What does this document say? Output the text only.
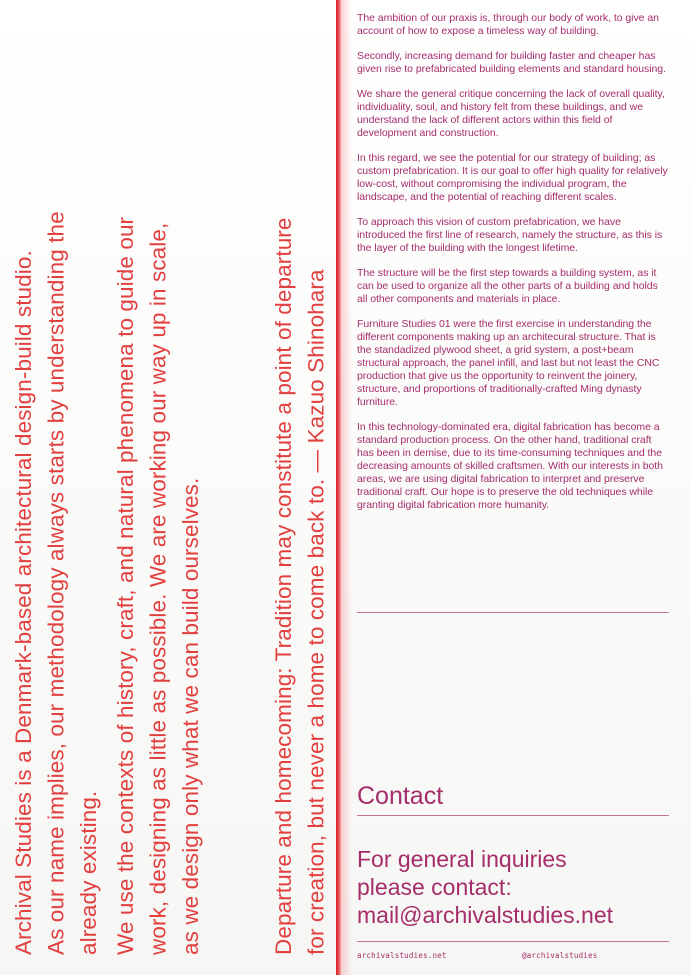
Archival Studies is a Denmark-based architectural design-build studio. As our name implies, our methodology always starts by understanding the already existing. We use the contexts of history, craft, and natural phenomena to guide our work, designing as little as possible. We are working our way up in scale, as we design only what we can build ourselves.	Departure and homecoming: Tradition may constitute a point of departure for creation, but never a home to come back to. — Kazuo Shinohara

The ambition of our praxis is, through our body of work, to give an account of how to expose a timeless way of building.

Secondly, increasing demand for building faster and cheaper has given rise to prefabricated building elements and standard housing.

We share the general critique concerning the lack of overall quality, individuality, soul, and history felt from these buildings, and we understand the lack of different actors within this field of development and construction.

In this regard, we see the potential for our strategy of building; as custom prefabrication. It is our goal to offer high quality for relatively low-cost, without compromising the individual program, the landscape, and the potential of reaching different scales.

To approach this vision of custom prefabrication, we have introduced the first line of research, namely the structure, as this is the layer of the building with the longest lifetime.

The structure will be the first step towards a building system, as it can be used to organize all the other parts of a building and holds all other components and materials in place.

Furniture Studies 01 were the first exercise in understanding the different components making up an architecural structure. That is the standadized plywood sheet, a grid system, a post+beam structural approach, the panel infill, and last but not least the CNC production that give us the opportunity to reinvent the joinery, structure, and proportions of traditionally-crafted Ming dynasty furniture.

In this technology-dominated era, digital fabrication has become a standard production process. On the other hand, traditional craft has been in demise, due to its time-consuming techniques and the decreasing amounts of skilled craftsmen. With our interests in both areas, we are using digital fabrication to interpret and preserve traditional craft. Our hope is to preserve the old techniques while granting digital fabrication more humanity.

Contact
For general inquiries
please contact:
mail@archivalstudies.net
archivalstudies.net	@archivalstudies
